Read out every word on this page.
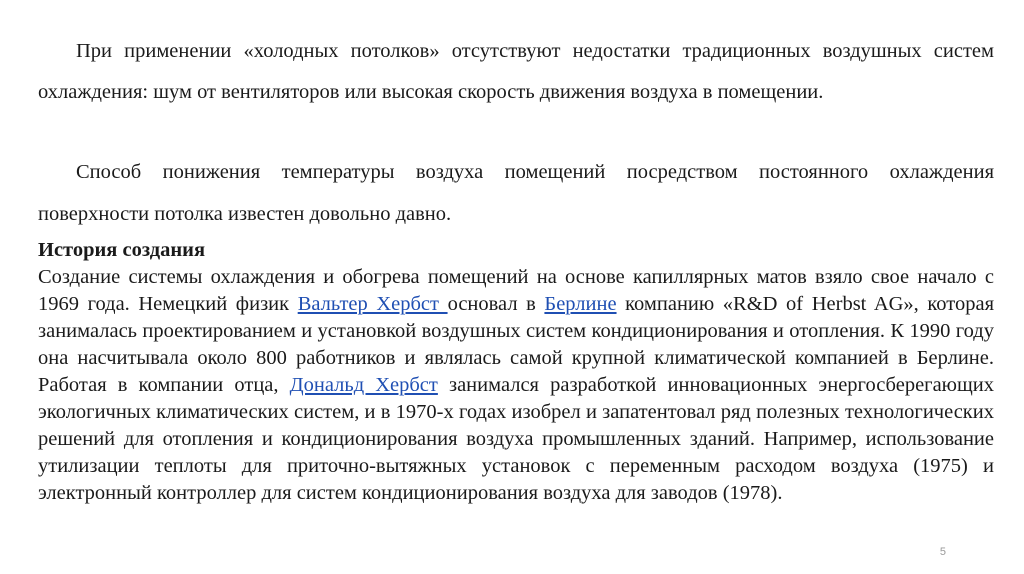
При применении «холодных потолков» отсутствуют недостатки традиционных воздушных систем охлаждения: шум от вентиляторов или высокая скорость движения воздуха в помещении.

Способ понижения температуры воздуха помещений посредством постоянного охлаждения поверхности потолка известен довольно давно.

История создания
Создание системы охлаждения и обогрева помещений на основе капиллярных матов взяло свое начало с 1969 года. Немецкий физик Вальтер Хербст основал в Берлине компанию «R&D of Herbst AG», которая занималась проектированием и установкой воздушных систем кондиционирования и отопления. К 1990 году она насчитывала около 800 работников и являлась самой крупной климатической компанией в Берлине. Работая в компании отца, Дональд Хербст занимался разработкой инновационных энергосберегающих экологичных климатических систем, и в 1970-х годах изобрел и запатентовал ряд полезных технологических решений для отопления и кондиционирования воздуха промышленных зданий. Например, использование утилизации теплоты для приточно-вытяжных установок с переменным расходом воздуха (1975) и электронный контроллер для систем кондиционирования воздуха для заводов (1978).
5
